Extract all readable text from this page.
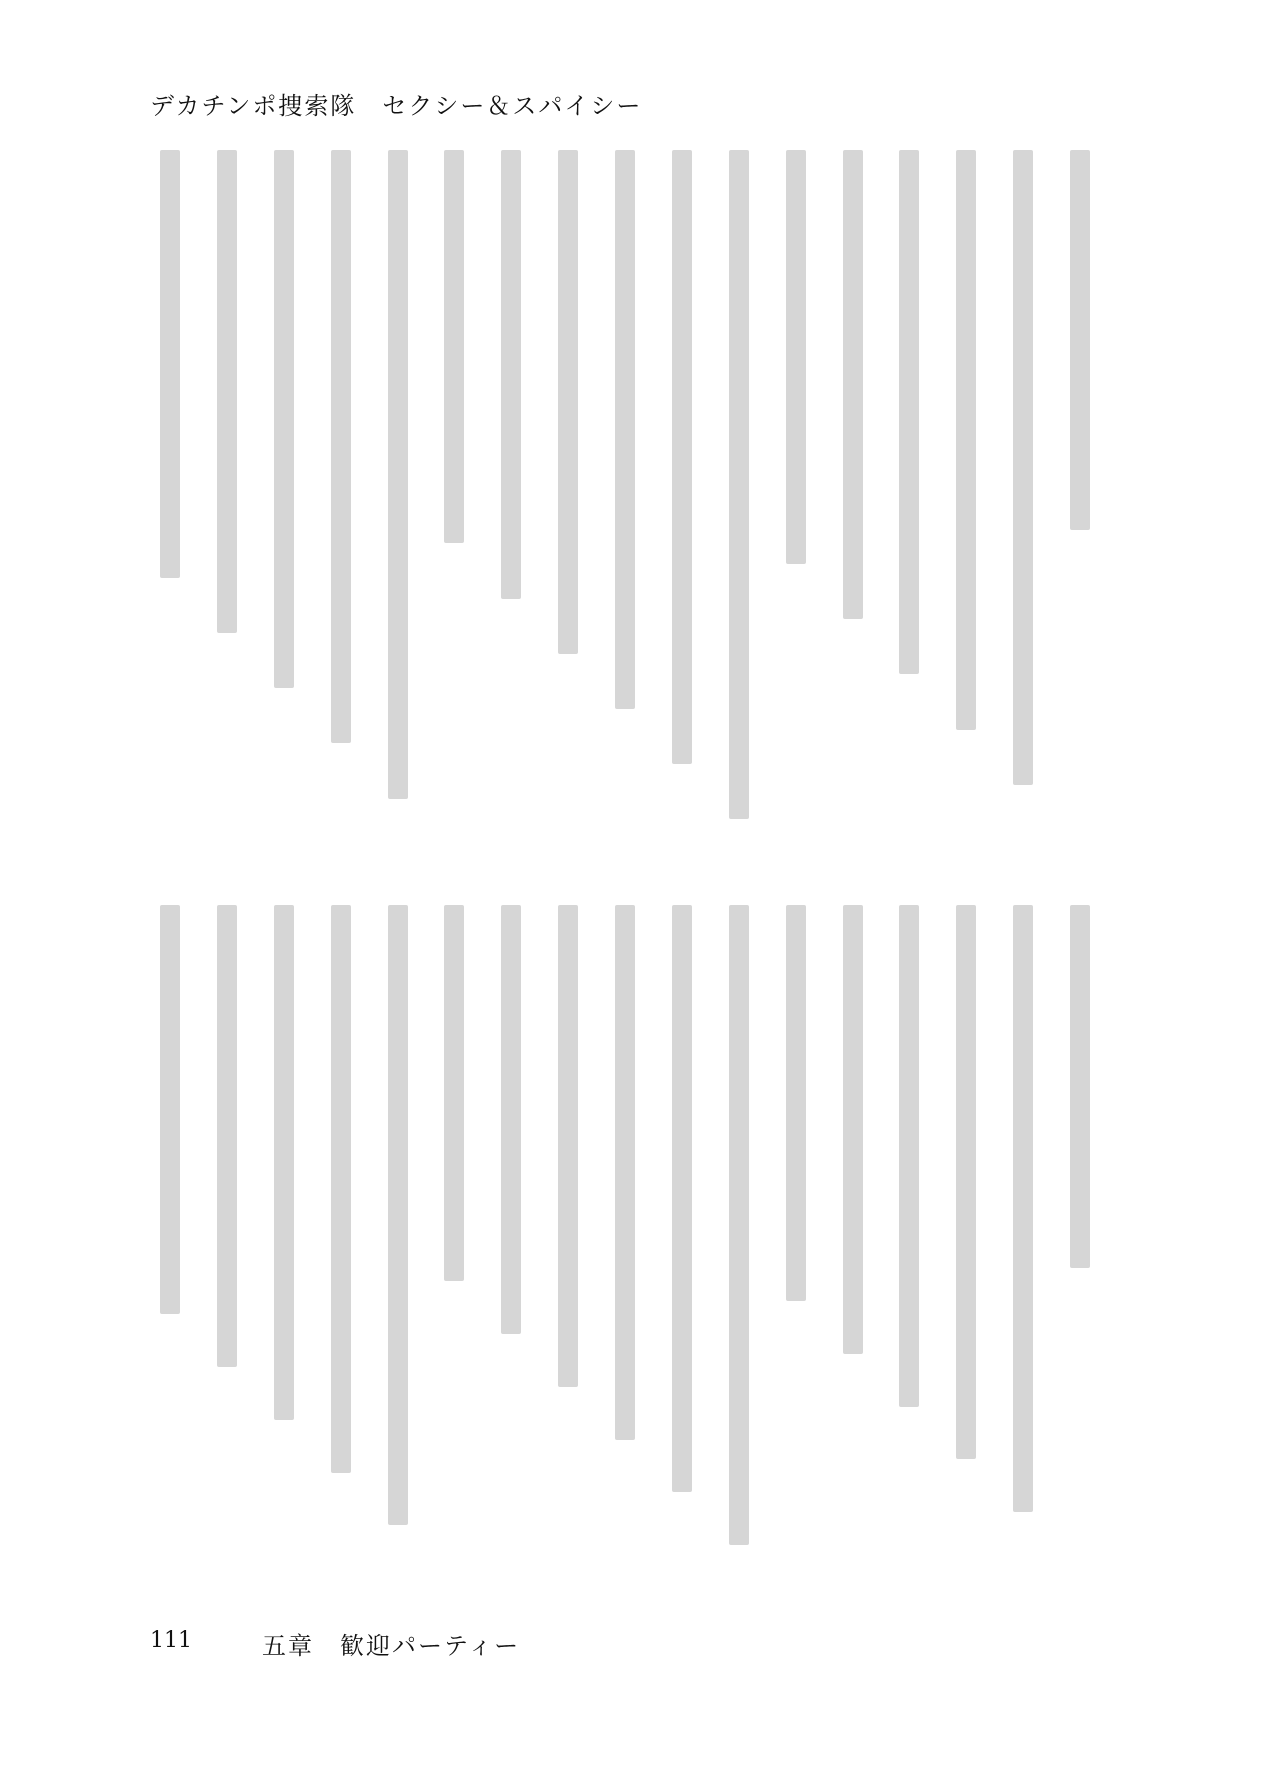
デカチンポ捜索隊　セクシー＆スパイシー
111	五章　歓迎パーティー
